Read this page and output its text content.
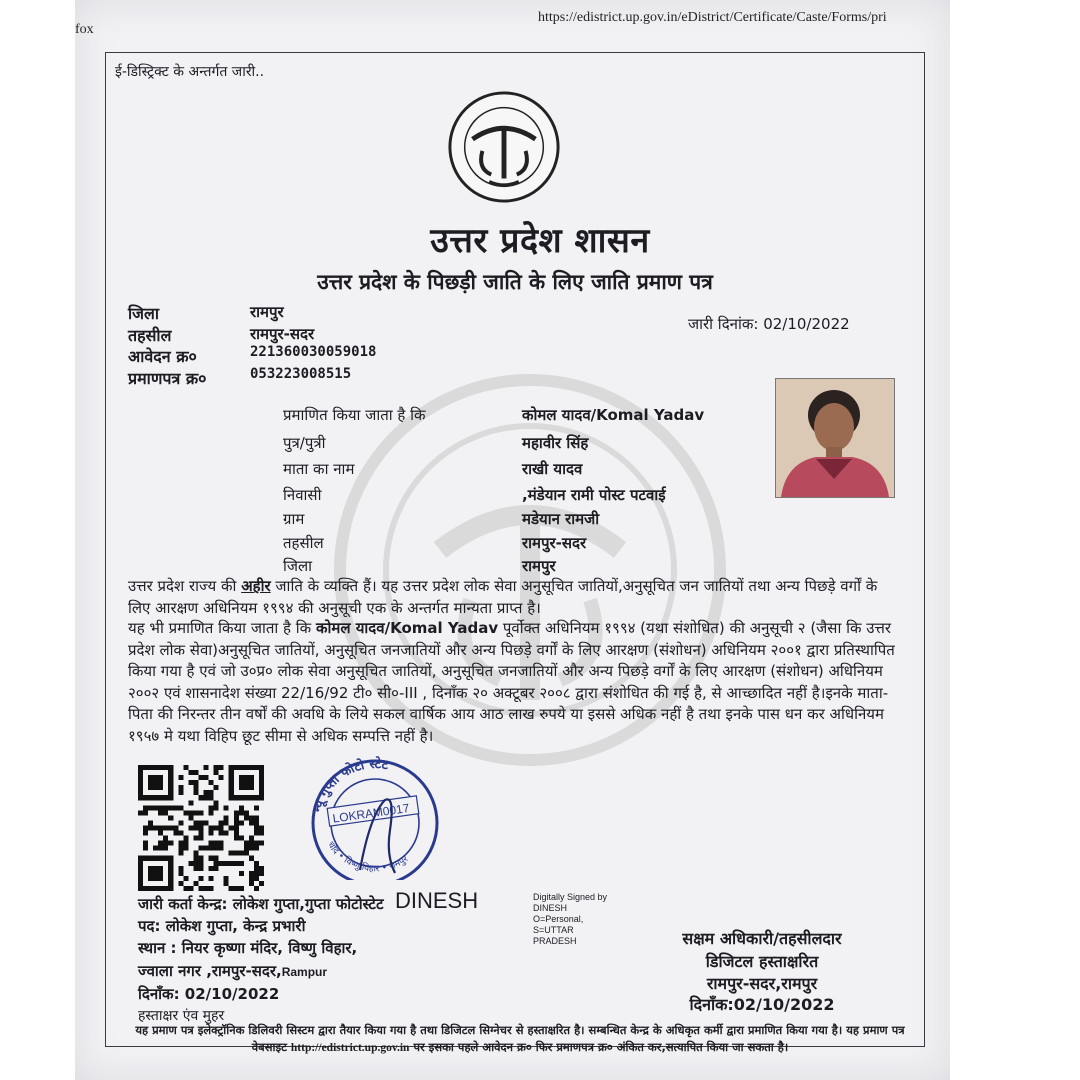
https://edistrict.up.gov.in/eDistrict/Certificate/Caste/Forms/pri
fox
ई-डिस्ट्रिक्ट के अन्तर्गत जारी..
उत्तर प्रदेश शासन
उत्तर प्रदेश के पिछड़ी जाति के लिए जाति प्रमाण पत्र
जिला	रामपुर
तहसील	रामपुर-सदर
आवेदन क्र०	221360030059018
प्रमाणपत्र क्र०	053223008515
जारी दिनांक: 02/10/2022
प्रमाणित किया जाता है कि	कोमल यादव/Komal Yadav
पुत्र/पुत्री	महावीर सिंह
माता का नाम	राखी यादव
निवासी	,मंडेयान रामी पोस्ट पटवाई
ग्राम	मडेयान रामजी
तहसील	रामपुर-सदर
जिला	रामपुर

उत्तर प्रदेश राज्य की अहीर जाति के व्यक्ति हैं। यह उत्तर प्रदेश लोक सेवा अनुसूचित जातियों,अनुसूचित जन जातियों तथा अन्य पिछड़े वर्गों के लिए आरक्षण अधिनियम १९९४ की अनुसूची एक के अन्तर्गत मान्यता प्राप्त है।

यह भी प्रमाणित किया जाता है कि कोमल यादव/Komal Yadav पूर्वोक्त अधिनियम १९९४ (यथा संशोधित) की अनुसूची २ (जैसा कि उत्तर प्रदेश लोक सेवा)अनुसूचित जातियों, अनुसूचित जनजातियों और अन्य पिछड़े वर्गों के लिए आरक्षण (संशोधन) अधिनियम २००१ द्वारा प्रतिस्थापित किया गया है एवं जो उ०प्र० लोक सेवा अनुसूचित जातियों, अनुसूचित जनजातियों और अन्य पिछड़े वर्गों के लिए आरक्षण (संशोधन) अधिनियम २००२ एवं शासनादेश संख्या 22/16/92 टी० सी०-III , दिनाँक २० अक्टूबर २००८ द्वारा संशोधित की गई है, से आच्छादित नहीं है।इनके माता-पिता की निरन्तर तीन वर्षों की अवधि के लिये सकल वार्षिक आय आठ लाख रुपये या इससे अधिक नहीं है तथा इनके पास धन कर अधिनियम १९५७ मे यथा विहिप छूट सीमा से अधिक सम्पत्ति नहीं है।

न्यू गुप्ता फोटो स्टेट
चाँद • विष्णु विहार • रामपुर
LOKRAM0017
जारी कर्ता केन्द्र: लोकेश गुप्ता,गुप्ता फोटोस्टेट
पद: लोकेश गुप्ता, केन्द्र प्रभारी
स्थान : नियर कृष्णा मंदिर, विष्णु विहार,
ज्वाला नगर ,रामपुर-सदर,Rampur
दिनाँक: 02/10/2022
हस्ताक्षर एंव मुहर
DINESH	Digitally Signed by
DINESH
O=Personal,
S=UTTAR
PRADESH	सक्षम अधिकारी/तहसीलदार
डिजिटल हस्ताक्षरित
रामपुर-सदर,रामपुर
दिनाँक:02/10/2022

यह प्रमाण पत्र इलेक्ट्रॉनिक डिलिवरी सिस्टम द्वारा तैयार किया गया है तथा डिजिटल सिग्नेचर से हस्ताक्षरित है। सम्बन्धित केन्द्र के अधिकृत कर्मी द्वारा प्रमाणित किया गया है। यह प्रमाण पत्र वेबसाइट http://edistrict.up.gov.in पर इसका पहले आवेदन क्र० फिर प्रमाणपत्र क्र० अंकित कर,सत्यापित किया जा सकता है।
